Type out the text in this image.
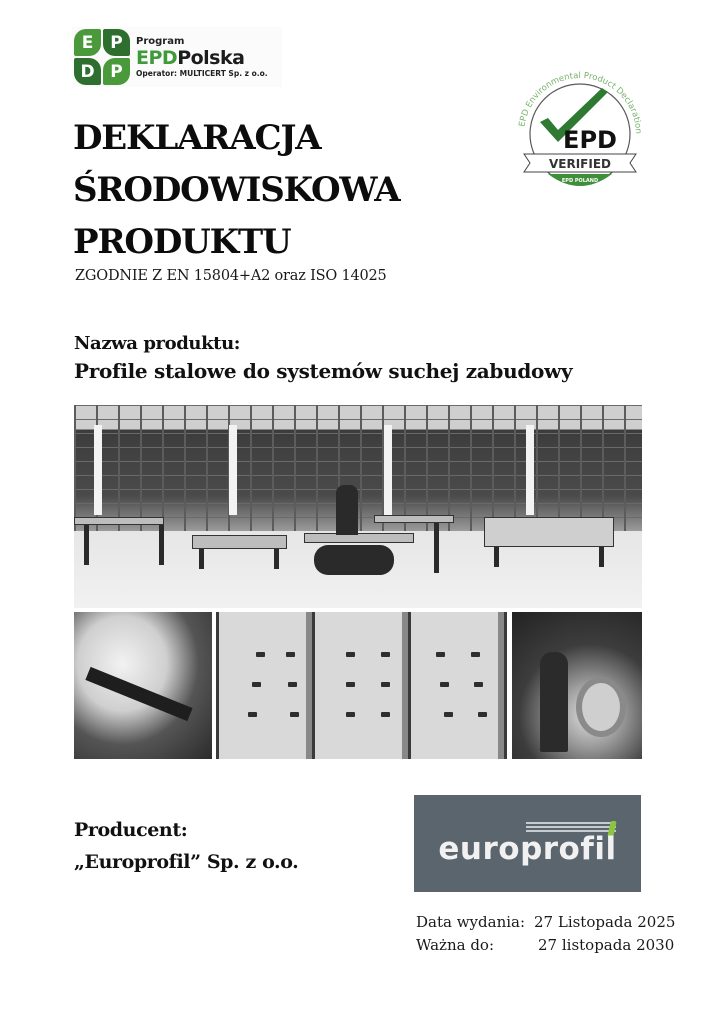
E P
D P
Program
EPDPolska
Operator: MULTICERT Sp. z o.o.
EPD Environmental Product Declaration
EPD
VERIFIED
EPD POLAND
DEKLARACJA
ŚRODOWISKOWA
PRODUKTU
ZGODNIE Z EN 15804+A2 oraz ISO 14025
Nazwa produktu:
Profile stalowe do systemów suchej zabudowy
Producent:
„Europrofil” Sp. z o.o.	europrofil
Data wydania: 27 Listopada 2025
Ważna do:	27 listopada 2030
